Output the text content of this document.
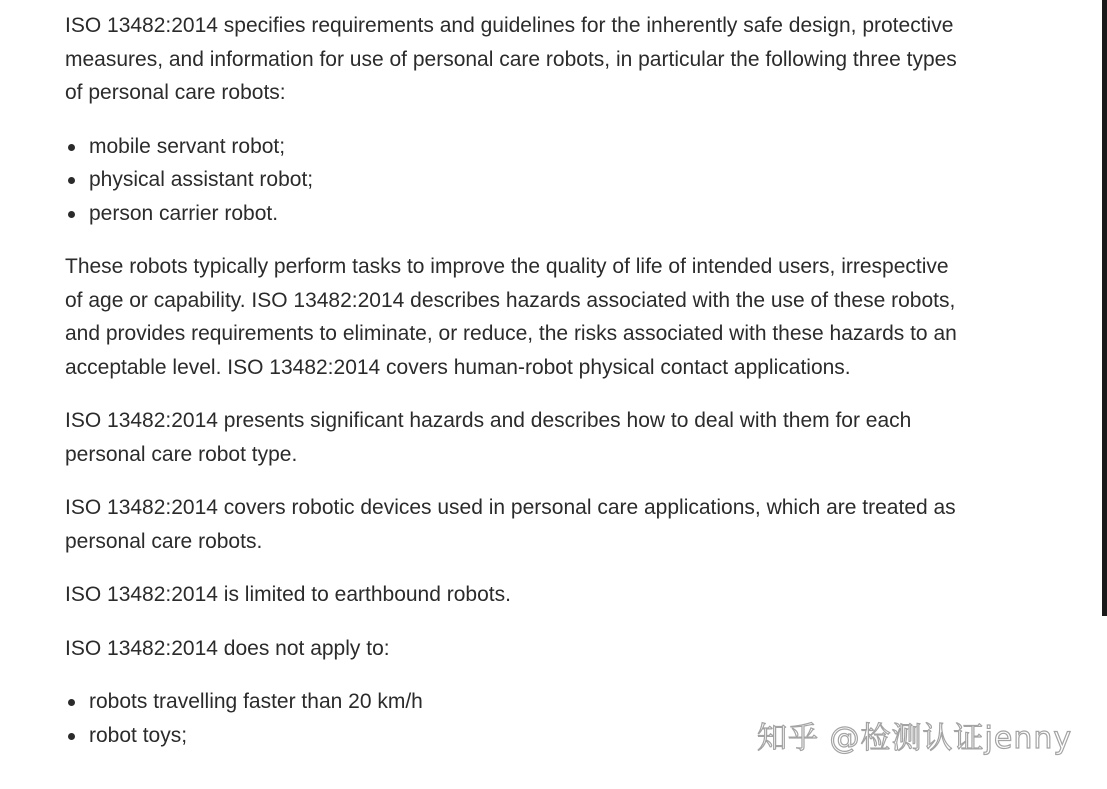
ISO 13482:2014 specifies requirements and guidelines for the inherently safe design, protective measures, and information for use of personal care robots, in particular the following three types of personal care robots:

mobile servant robot;
physical assistant robot;
person carrier robot.

These robots typically perform tasks to improve the quality of life of intended users, irrespective of age or capability. ISO 13482:2014 describes hazards associated with the use of these robots, and provides requirements to eliminate, or reduce, the risks associated with these hazards to an acceptable level. ISO 13482:2014 covers human-robot physical contact applications.

ISO 13482:2014 presents significant hazards and describes how to deal with them for each personal care robot type.

ISO 13482:2014 covers robotic devices used in personal care applications, which are treated as personal care robots.

ISO 13482:2014 is limited to earthbound robots.

ISO 13482:2014 does not apply to:

robots travelling faster than 20 km/h
robot toys;	知乎 @检测认证jenny
